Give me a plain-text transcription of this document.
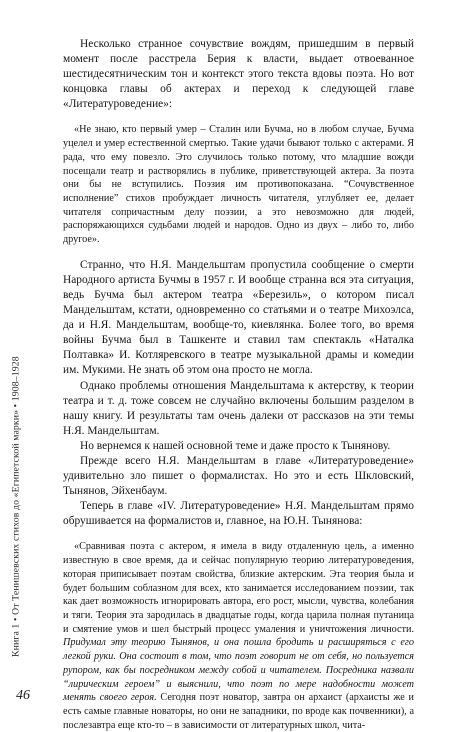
Книга 1 • От Тенишевских стихов до «Египетской марки» • 1908–1928

46

Несколько странное сочувствие вождям, пришедшим в первый момент после расстрела Берия к власти, выдает отвоеванное шестидесятническим тон и контекст этого текста вдовы поэта. Но вот концовка главы об актерах и переход к следующей главе «Литературоведение»:

«Не знаю, кто первый умер – Сталин или Бучма, но в любом случае, Бучма уцелел и умер естественной смертью. Такие удачи бывают только с актерами. Я рада, что ему повезло. Это случилось только потому, что младшие вожди посещали театр и растворялись в публике, приветствующей актера. За поэта они бы не вступились. Поэзия им противопоказана. “Сочувственное исполнение” стихов пробуждает личность читателя, углубляет ее, делает читателя сопричастным делу поэзии, а это невозможно для людей, распоряжающихся судьбами людей и народов. Одно из двух – либо то, либо другое».

Странно, что Н.Я. Мандельштам пропустила сообщение о смерти Народного артиста Бучмы в 1957 г. И вообще странна вся эта ситуация, ведь Бучма был актером театра «Березиль», о котором писал Мандельштам, кстати, одновременно со статьями и о театре Михоэлса, да и Н.Я. Мандельштам, вообще-то, киевлянка. Более того, во время войны Бучма был в Ташкенте и ставил там спектакль «Наталка Полтавка» И. Котляревского в театре музыкальной драмы и комедии им. Мукими. Не знать об этом она просто не могла.

Однако проблемы отношения Мандельштама к актерству, к теории театра и т. д. тоже совсем не случайно включены большим разделом в нашу книгу. И результаты там очень далеки от рассказов на эти темы Н.Я. Мандельштам.

Но вернемся к нашей основной теме и даже просто к Тынянову.

Прежде всего Н.Я. Мандельштам в главе «Литературоведение» удивительно зло пишет о формалистах. Но это и есть Шкловский, Тынянов, Эйхенбаум.

Теперь в главе «IV. Литературоведение» Н.Я. Мандельштам прямо обрушивается на формалистов и, главное, на Ю.Н. Тынянова:

«Сравнивая поэта с актером, я имела в виду отдаленную цель, а именно известную в свое время, да и сейчас популярную теорию литературоведения, которая приписывает поэтам свойства, близкие актерским. Эта теория была и будет большим соблазном для всех, кто занимается исследованием поэзии, так как дает возможность игнорировать автора, его рост, мысли, чувства, колебания и тяги. Теория эта зародилась в двадцатые годы, когда царила полная путаница и смятение умов и шел быстрый процесс умаления и уничтожения личности. Придумал эту теорию Тынянов, и она пошла бродить и расширяться с его легкой руки. Она состоит в том, что поэт говорит не от себя, но пользуется рупором, как бы посредником между собой и читателем. Посредника назвали “лирическим героем” и выяснили, что поэт по мере надобности может менять своего героя. Сегодня поэт новатор, завтра он архаист (архаисты же и есть самые главные новаторы, но они не западники, по вроде как почвенники), а послезавтра еще кто-то – в зависимости от литературных школ, чита-
